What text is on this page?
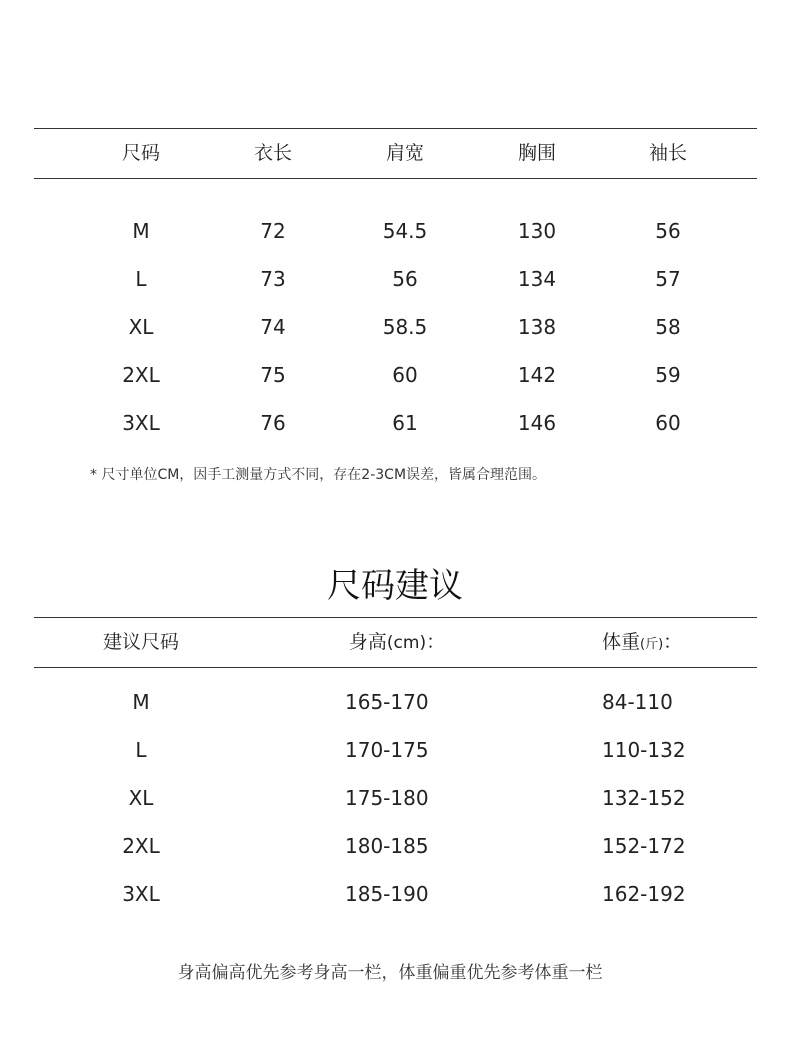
尺码	衣长	肩宽	胸围	袖长
M	72	54.5	130	56
L	73	56	134	57
XL	74	58.5	138	58
2XL	75	60	142	59
3XL	76	61	146	60
* 尺寸单位CM，因手工测量方式不同，存在2-3CM误差，皆属合理范围。
尺码建议
建议尺码	身高(cm)：	体重(斤)：
M	165-170	84-110
L	170-175	110-132
XL	175-180	132-152
2XL	180-185	152-172
3XL	185-190	162-192
身高偏高优先参考身高一栏，体重偏重优先参考体重一栏
